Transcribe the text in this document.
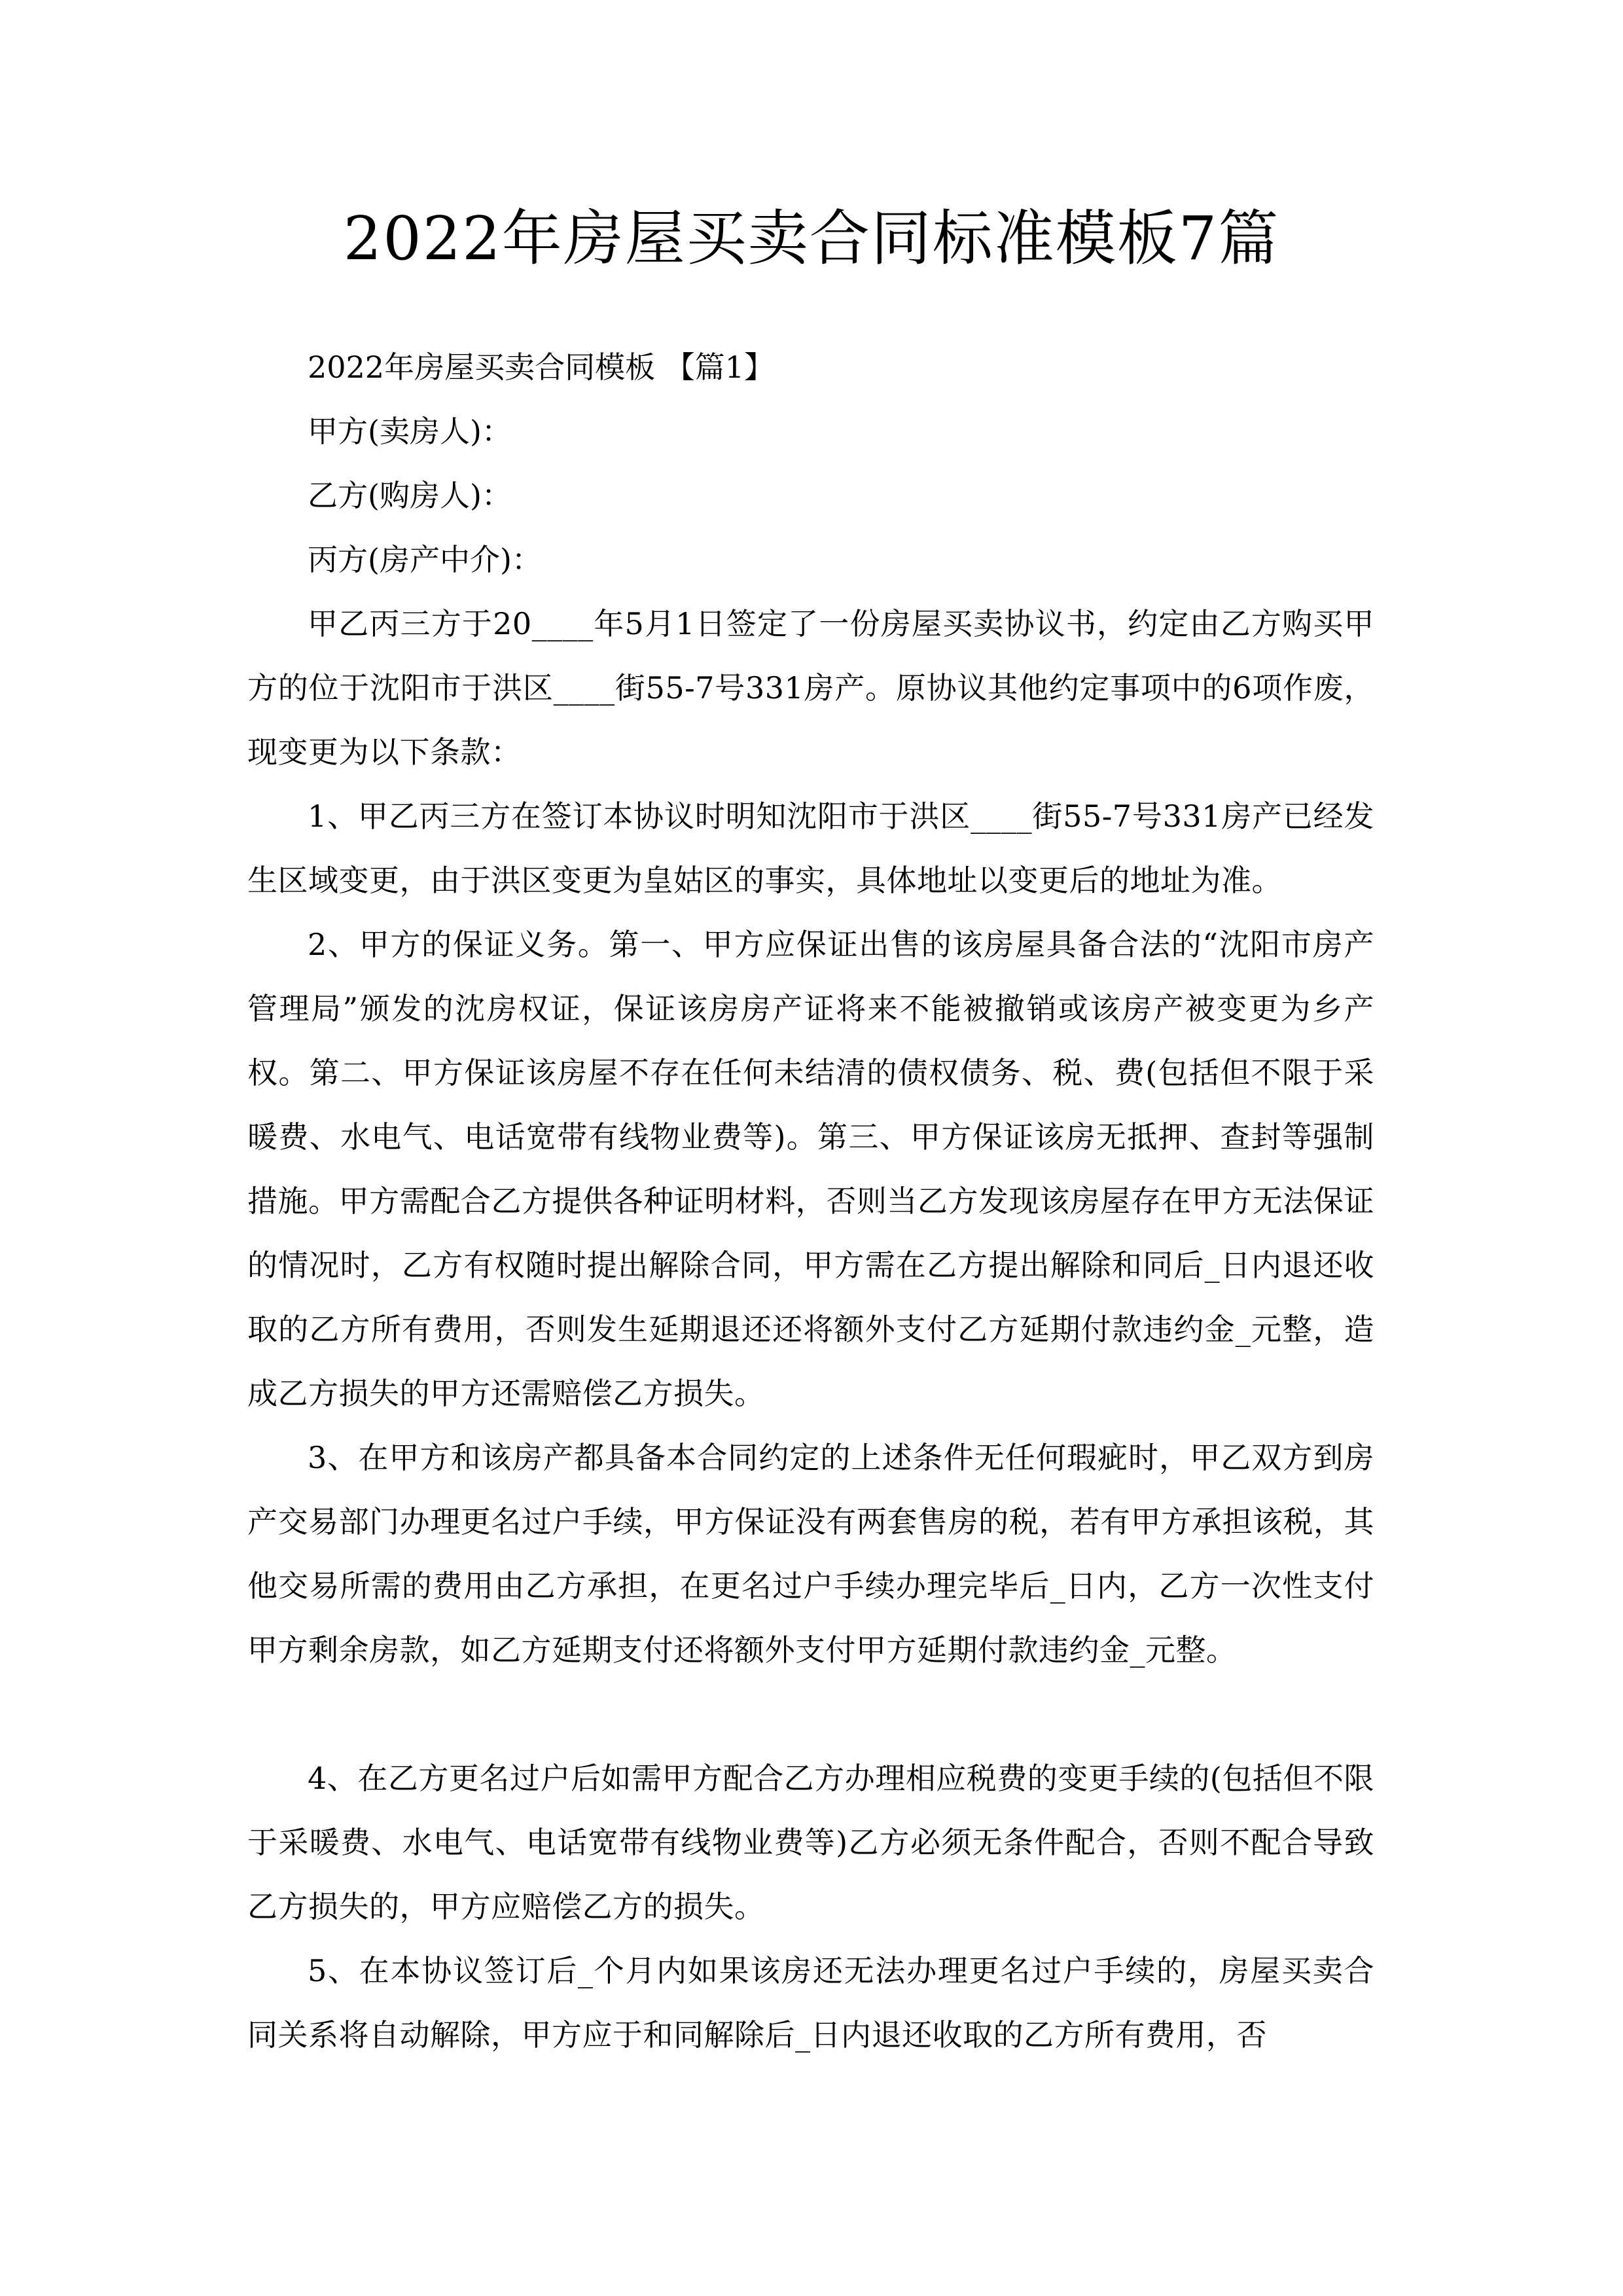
2022年房屋买卖合同标准模板7篇
2022年房屋买卖合同模板 【篇1】
甲方(卖房人)：
乙方(购房人)：
丙方(房产中介)：
甲乙丙三方于20____年5月1日签定了一份房屋买卖协议书，约定由乙方购买甲方的位于沈阳市于洪区____街55-7号331房产。原协议其他约定事项中的6项作废，现变更为以下条款：
1、甲乙丙三方在签订本协议时明知沈阳市于洪区____街55-7号331房产已经发生区域变更，由于洪区变更为皇姑区的事实，具体地址以变更后的地址为准。
2、甲方的保证义务。第一、甲方应保证出售的该房屋具备合法的“沈阳市房产管理局”颁发的沈房权证，保证该房房产证将来不能被撤销或该房产被变更为乡产权。第二、甲方保证该房屋不存在任何未结清的债权债务、税、费(包括但不限于采暖费、水电气、电话宽带有线物业费等)。第三、甲方保证该房无抵押、查封等强制措施。甲方需配合乙方提供各种证明材料，否则当乙方发现该房屋存在甲方无法保证的情况时，乙方有权随时提出解除合同，甲方需在乙方提出解除和同后_日内退还收取的乙方所有费用，否则发生延期退还还将额外支付乙方延期付款违约金_元整，造成乙方损失的甲方还需赔偿乙方损失。
3、在甲方和该房产都具备本合同约定的上述条件无任何瑕疵时，甲乙双方到房产交易部门办理更名过户手续，甲方保证没有两套售房的税，若有甲方承担该税，其他交易所需的费用由乙方承担，在更名过户手续办理完毕后_日内，乙方一次性支付甲方剩余房款，如乙方延期支付还将额外支付甲方延期付款违约金_元整。
4、在乙方更名过户后如需甲方配合乙方办理相应税费的变更手续的(包括但不限于采暖费、水电气、电话宽带有线物业费等)乙方必须无条件配合，否则不配合导致乙方损失的，甲方应赔偿乙方的损失。
5、在本协议签订后_个月内如果该房还无法办理更名过户手续的，房屋买卖合同关系将自动解除，甲方应于和同解除后_日内退还收取的乙方所有费用，否
